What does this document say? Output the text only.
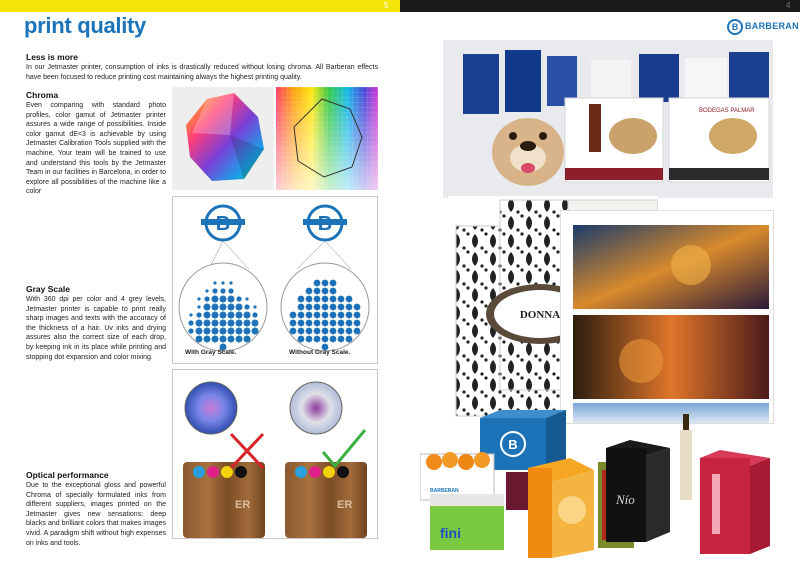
5	4
print quality	B BARBERAN
Less is more
In our Jetmaster printer, consumption of inks is drastically reduced without losing chroma. All Barberan effects have been focused to reduce printing cost maintaining always the highest printing quality.
Chroma
Even comparing with standard photo profiles, color gamut of Jetmaster printer assures a wide range of possibilities. Inside color gamut dE<3 is achievable by using Jetmaster Calibration Tools supplied with the machine. Your team will be trained to use and understand this tools by the Jetmaster Team in our facilities in Barcelona, in order to explore all possibilities of the machine like a color
Gray Scale
With 360 dpi per color and 4 grey levels, Jetmaster printer is capable to print really sharp images and texts with the accuracy of the thickness of a hair. Uv inks and drying assures also the correct size of each drop, by keeping ink in its place while printing and stopping dot expansion and color mixing.
Optical performance
Due to the exceptional gloss and powerful Chroma of specially formulated inks from different suppliers, images printed on the Jetmaster gives new sensations: deep blacks and brilliant colors that makes images vivid. A paradigm shift without high expenses on inks and tools.
B	B
With Gray Scale.	Without Gray Scale.
ER	ER
BODEGAS PALMAR
DONNA
B
BARBERAN
fini
Nío
